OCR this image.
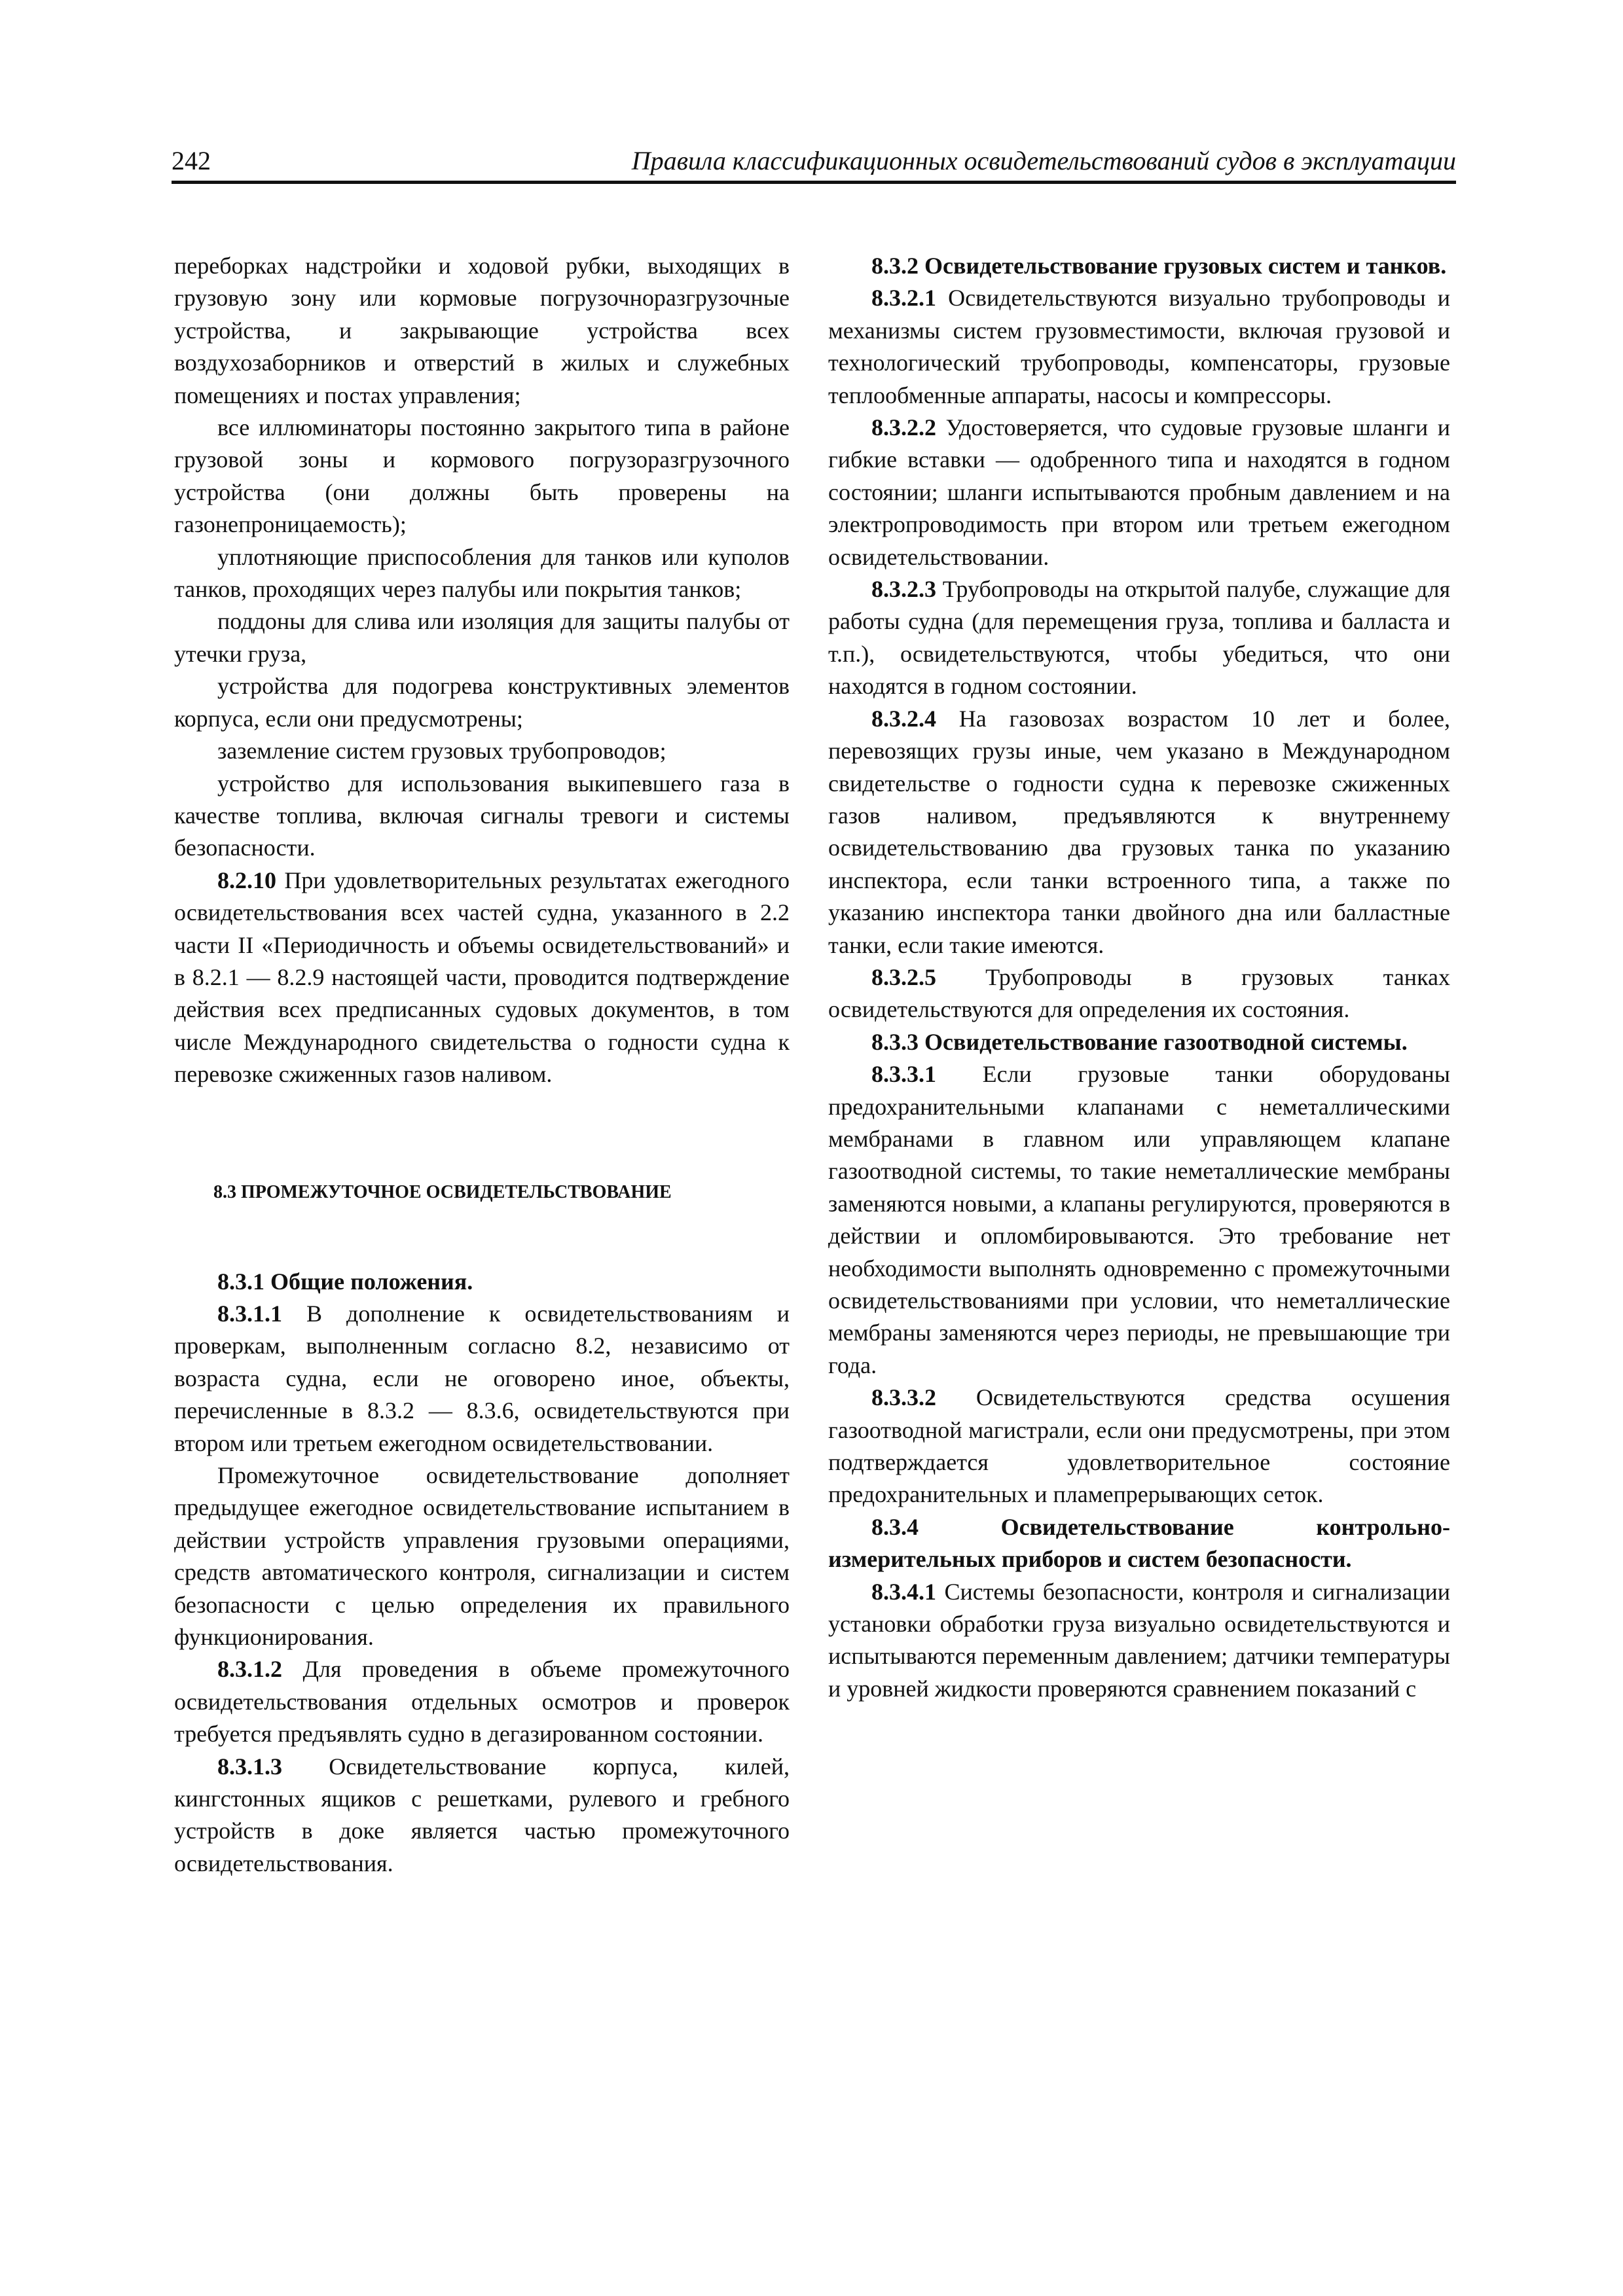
242	Правила классификационных освидетельствований судов в эксплуатации

переборках надстройки и ходовой рубки, выходящих в грузовую зону или кормовые погрузочноразгрузочные устройства, и закрывающие устройства всех воздухозаборников и отверстий в жилых и служебных помещениях и постах управления;

все иллюминаторы постоянно закрытого типа в районе грузовой зоны и кормового погрузоразгрузочного устройства (они должны быть проверены на газонепроницаемость);

уплотняющие приспособления для танков или куполов танков, проходящих через палубы или покрытия танков;

поддоны для слива или изоляция для защиты палубы от утечки груза,

устройства для подогрева конструктивных элементов корпуса, если они предусмотрены;

заземление систем грузовых трубопроводов;

устройство для использования выкипевшего газа в качестве топлива, включая сигналы тревоги и системы безопасности.

8.2.10 При удовлетворительных результатах ежегодного освидетельствования всех частей судна, указанного в 2.2 части II «Периодичность и объемы освидетельствований» и в 8.2.1 — 8.2.9 настоящей части, проводится подтверждение действия всех предписанных судовых документов, в том числе Международного свидетельства о годности судна к перевозке сжиженных газов наливом.

8.3 ПРОМЕЖУТОЧНОЕ ОСВИДЕТЕЛЬСТВОВАНИЕ

8.3.1 Общие положения.

8.3.1.1 В дополнение к освидетельствованиям и проверкам, выполненным согласно 8.2, независимо от возраста судна, если не оговорено иное, объекты, перечисленные в 8.3.2 — 8.3.6, освидетельствуются при втором или третьем ежегодном освидетельствовании.

Промежуточное освидетельствование дополняет предыдущее ежегодное освидетельствование испытанием в действии устройств управления грузовыми операциями, средств автоматического контроля, сигнализации и систем безопасности с целью определения их правильного функционирования.

8.3.1.2 Для проведения в объеме промежуточного освидетельствования отдельных осмотров и проверок требуется предъявлять судно в дегазированном состоянии.

8.3.1.3 Освидетельствование корпуса, килей, кингстонных ящиков с решетками, рулевого и гребного устройств в доке является частью промежуточного освидетельствования.

8.3.2 Освидетельствование грузовых систем и танков.

8.3.2.1 Освидетельствуются визуально трубопроводы и механизмы систем грузовместимости, включая грузовой и технологический трубопроводы, компенсаторы, грузовые теплообменные аппараты, насосы и компрессоры.

8.3.2.2 Удостоверяется, что судовые грузовые шланги и гибкие вставки — одобренного типа и находятся в годном состоянии; шланги испытываются пробным давлением и на электропроводимость при втором или третьем ежегодном освидетельствовании.

8.3.2.3 Трубопроводы на открытой палубе, служащие для работы судна (для перемещения груза, топлива и балласта и т.п.), освидетельствуются, чтобы убедиться, что они находятся в годном состоянии.

8.3.2.4 На газовозах возрастом 10 лет и более, перевозящих грузы иные, чем указано в Международном свидетельстве о годности судна к перевозке сжиженных газов наливом, предъявляются к внутреннему освидетельствованию два грузовых танка по указанию инспектора, если танки встроенного типа, а также по указанию инспектора танки двойного дна или балластные танки, если такие имеются.

8.3.2.5 Трубопроводы в грузовых танках освидетельствуются для определения их состояния.

8.3.3 Освидетельствование газоотводной системы.

8.3.3.1 Если грузовые танки оборудованы предохранительными клапанами с неметаллическими мембранами в главном или управляющем клапане газоотводной системы, то такие неметаллические мембраны заменяются новыми, а клапаны регулируются, проверяются в действии и опломбировываются. Это требование нет необходимости выполнять одновременно с промежуточными освидетельствованиями при условии, что неметаллические мембраны заменяются через периоды, не превышающие три года.

8.3.3.2 Освидетельствуются средства осушения газоотводной магистрали, если они предусмотрены, при этом подтверждается удовлетворительное состояние предохранительных и пламепрерывающих сеток.

8.3.4 Освидетельствование контрольно-измерительных приборов и систем безопасности.

8.3.4.1 Системы безопасности, контроля и сигнализации установки обработки груза визуально освидетельствуются и испытываются переменным давлением; датчики температуры и уровней жидкости проверяются сравнением показаний с
